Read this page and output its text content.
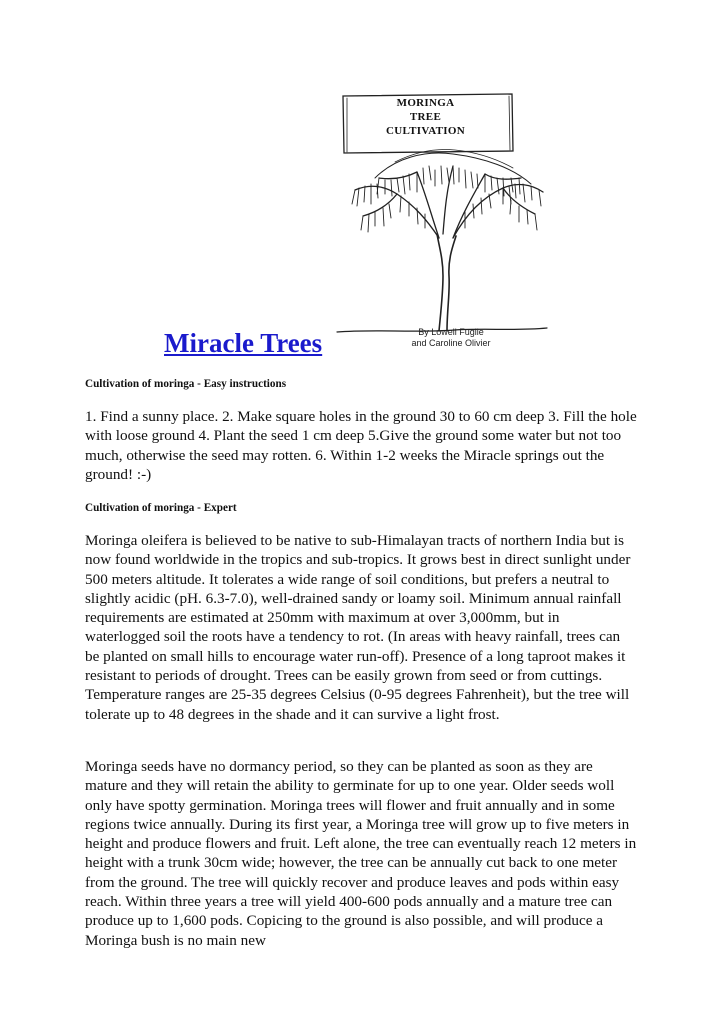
MORINGA
TREE
CULTIVATION
By Lowell Fuglie
and Caroline Olivier
Miracle Trees
Cultivation of moringa - Easy instructions

1. Find a sunny place. 2. Make square holes in the ground 30 to 60 cm deep 3. Fill the hole with loose ground 4. Plant the seed 1 cm deep 5.Give the ground some water but not too much, otherwise the seed may rotten. 6. Within 1-2 weeks the Miracle springs out the ground! :-)

Cultivation of moringa - Expert

Moringa oleifera is believed to be native to sub-Himalayan tracts of northern India but is now found worldwide in the tropics and sub-tropics. It grows best in direct sunlight under 500 meters altitude. It tolerates a wide range of soil conditions, but prefers a neutral to slightly acidic (pH. 6.3-7.0), well-drained sandy or loamy soil. Minimum annual rainfall requirements are estimated at 250mm with maximum at over 3,000mm, but in waterlogged soil the roots have a tendency to rot. (In areas with heavy rainfall, trees can be planted on small hills to encourage water run-off). Presence of a long taproot makes it resistant to periods of drought. Trees can be easily grown from seed or from cuttings. Temperature ranges are 25-35 degrees Celsius (0-95 degrees Fahrenheit), but the tree will tolerate up to 48 degrees in the shade and it can survive a light frost.

Moringa seeds have no dormancy period, so they can be planted as soon as they are mature and they will retain the ability to germinate for up to one year. Older seeds woll only have spotty germination. Moringa trees will flower and fruit annually and in some regions twice annually. During its first year, a Moringa tree will grow up to five meters in height and produce flowers and fruit. Left alone, the tree can eventually reach 12 meters in height with a trunk 30cm wide; however, the tree can be annually cut back to one meter from the ground. The tree will quickly recover and produce leaves and pods within easy reach. Within three years a tree will yield 400-600 pods annually and a mature tree can produce up to 1,600 pods. Copicing to the ground is also possible, and will produce a Moringa bush is no main new
